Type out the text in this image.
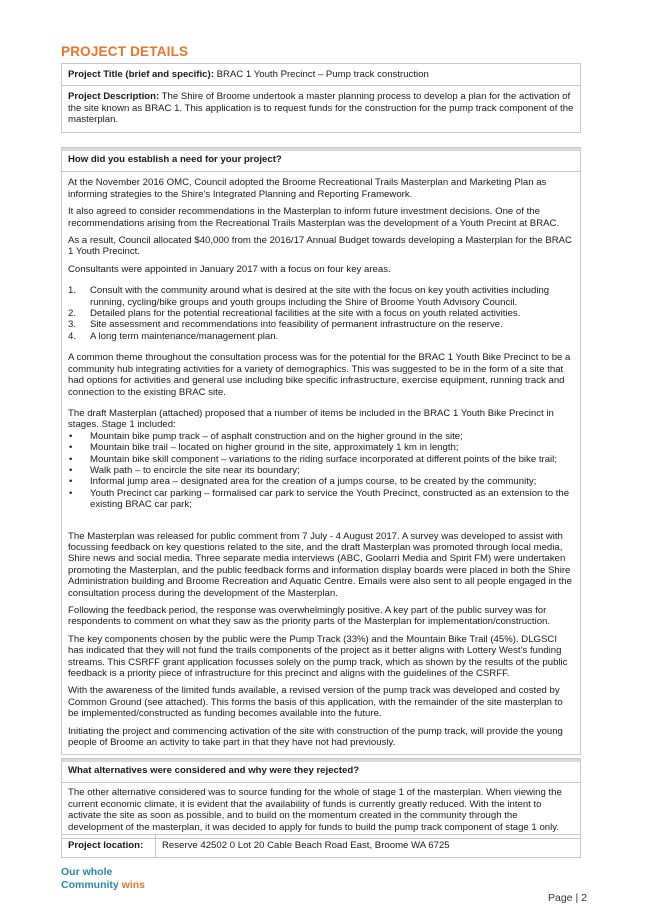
PROJECT DETAILS
Project Title (brief and specific): BRAC 1 Youth Precinct – Pump track construction
Project Description: The Shire of Broome undertook a master planning process to develop a plan for the activation of the site known as BRAC 1. This application is to request funds for the construction for the pump track component of the masterplan.

How did you establish a need for your project?

At the November 2016 OMC, Council adopted the Broome Recreational Trails Masterplan and Marketing Plan as informing strategies to the Shire’s Integrated Planning and Reporting Framework.

It also agreed to consider recommendations in the Masterplan to inform future investment decisions. One of the recommendations arising from the Recreational Trails Masterplan was the development of a Youth Precint at BRAC.

As a result, Council allocated $40,000 from the 2016/17 Annual Budget towards developing a Masterplan for the BRAC 1 Youth Precinct.

Consultants were appointed in January 2017 with a focus on four key areas.

1. Consult with the community around what is desired at the site with the focus on key youth activities including running, cycling/bike groups and youth groups including the Shire of Broome Youth Advisory Council.
2. Detailed plans for the potential recreational facilities at the site with a focus on youth related activities.
3. Site assessment and recommendations into feasibility of permanent infrastructure on the reserve.
4. A long term maintenance/management plan.

A common theme throughout the consultation process was for the potential for the BRAC 1 Youth Bike Precinct to be a community hub integrating activities for a variety of demographics. This was suggested to be in the form of a site that had options for activities and general use including bike specific infrastructure, exercise equipment, running track and connection to the existing BRAC site.

The draft Masterplan (attached) proposed that a number of items be included in the BRAC 1 Youth Bike Precinct in stages. Stage 1 included:

• Mountain bike pump track – of asphalt construction and on the higher ground in the site;
• Mountain bike trail – located on higher ground in the site, approximately 1 km in length;
• Mountain bike skill component – variations to the riding surface incorporated at different points of the bike trail;
• Walk path – to encircle the site near its boundary;
• Informal jump area – designated area for the creation of a jumps course, to be created by the community;
• Youth Precinct car parking – formalised car park to service the Youth Precinct, constructed as an extension to the existing BRAC car park;

The Masterplan was released for public comment from 7 July - 4 August 2017. A survey was developed to assist with focussing feedback on key questions related to the site, and the draft Masterplan was promoted through local media, Shire news and social media. Three separate media interviews (ABC, Goolarri Media and Spirit FM) were undertaken promoting the Masterplan, and the public feedback forms and information display boards were placed in both the Shire Administration building and Broome Recreation and Aquatic Centre. Emails were also sent to all people engaged in the consultation process during the development of the Masterplan.

Following the feedback period, the response was overwhelmingly positive. A key part of the public survey was for respondents to comment on what they saw as the priority parts of the Masterplan for implementation/construction.

The key components chosen by the public were the Pump Track (33%) and the Mountain Bike Trail (45%). DLGSCI has indicated that they will not fund the trails components of the project as it better aligns with Lottery West’s funding streams. This CSRFF grant application focusses solely on the pump track, which as shown by the results of the public feedback is a priority piece of infrastructure for this precinct and aligns with the guidelines of the CSRFF.

With the awareness of the limited funds available, a revised version of the pump track was developed and costed by Common Ground (see attached). This forms the basis of this application, with the remainder of the site masterplan to be implemented/constructed as funding becomes available into the future.

Initiating the project and commencing activation of the site with construction of the pump track, will provide the young people of Broome an activity to take part in that they have not had previously.

What alternatives were considered and why were they rejected?

The other alternative considered was to source funding for the whole of stage 1 of the masterplan. When viewing the current economic climate, it is evident that the availability of funds is currently greatly reduced. With the intent to activate the site as soon as possible, and to build on the momentum created in the community through the development of the masterplan, it was decided to apply for funds to build the pump track component of stage 1 only.

Project location:	Reserve 42502 0 Lot 20 Cable Beach Road East, Broome WA 6725
Our whole
Community wins
Page | 2
